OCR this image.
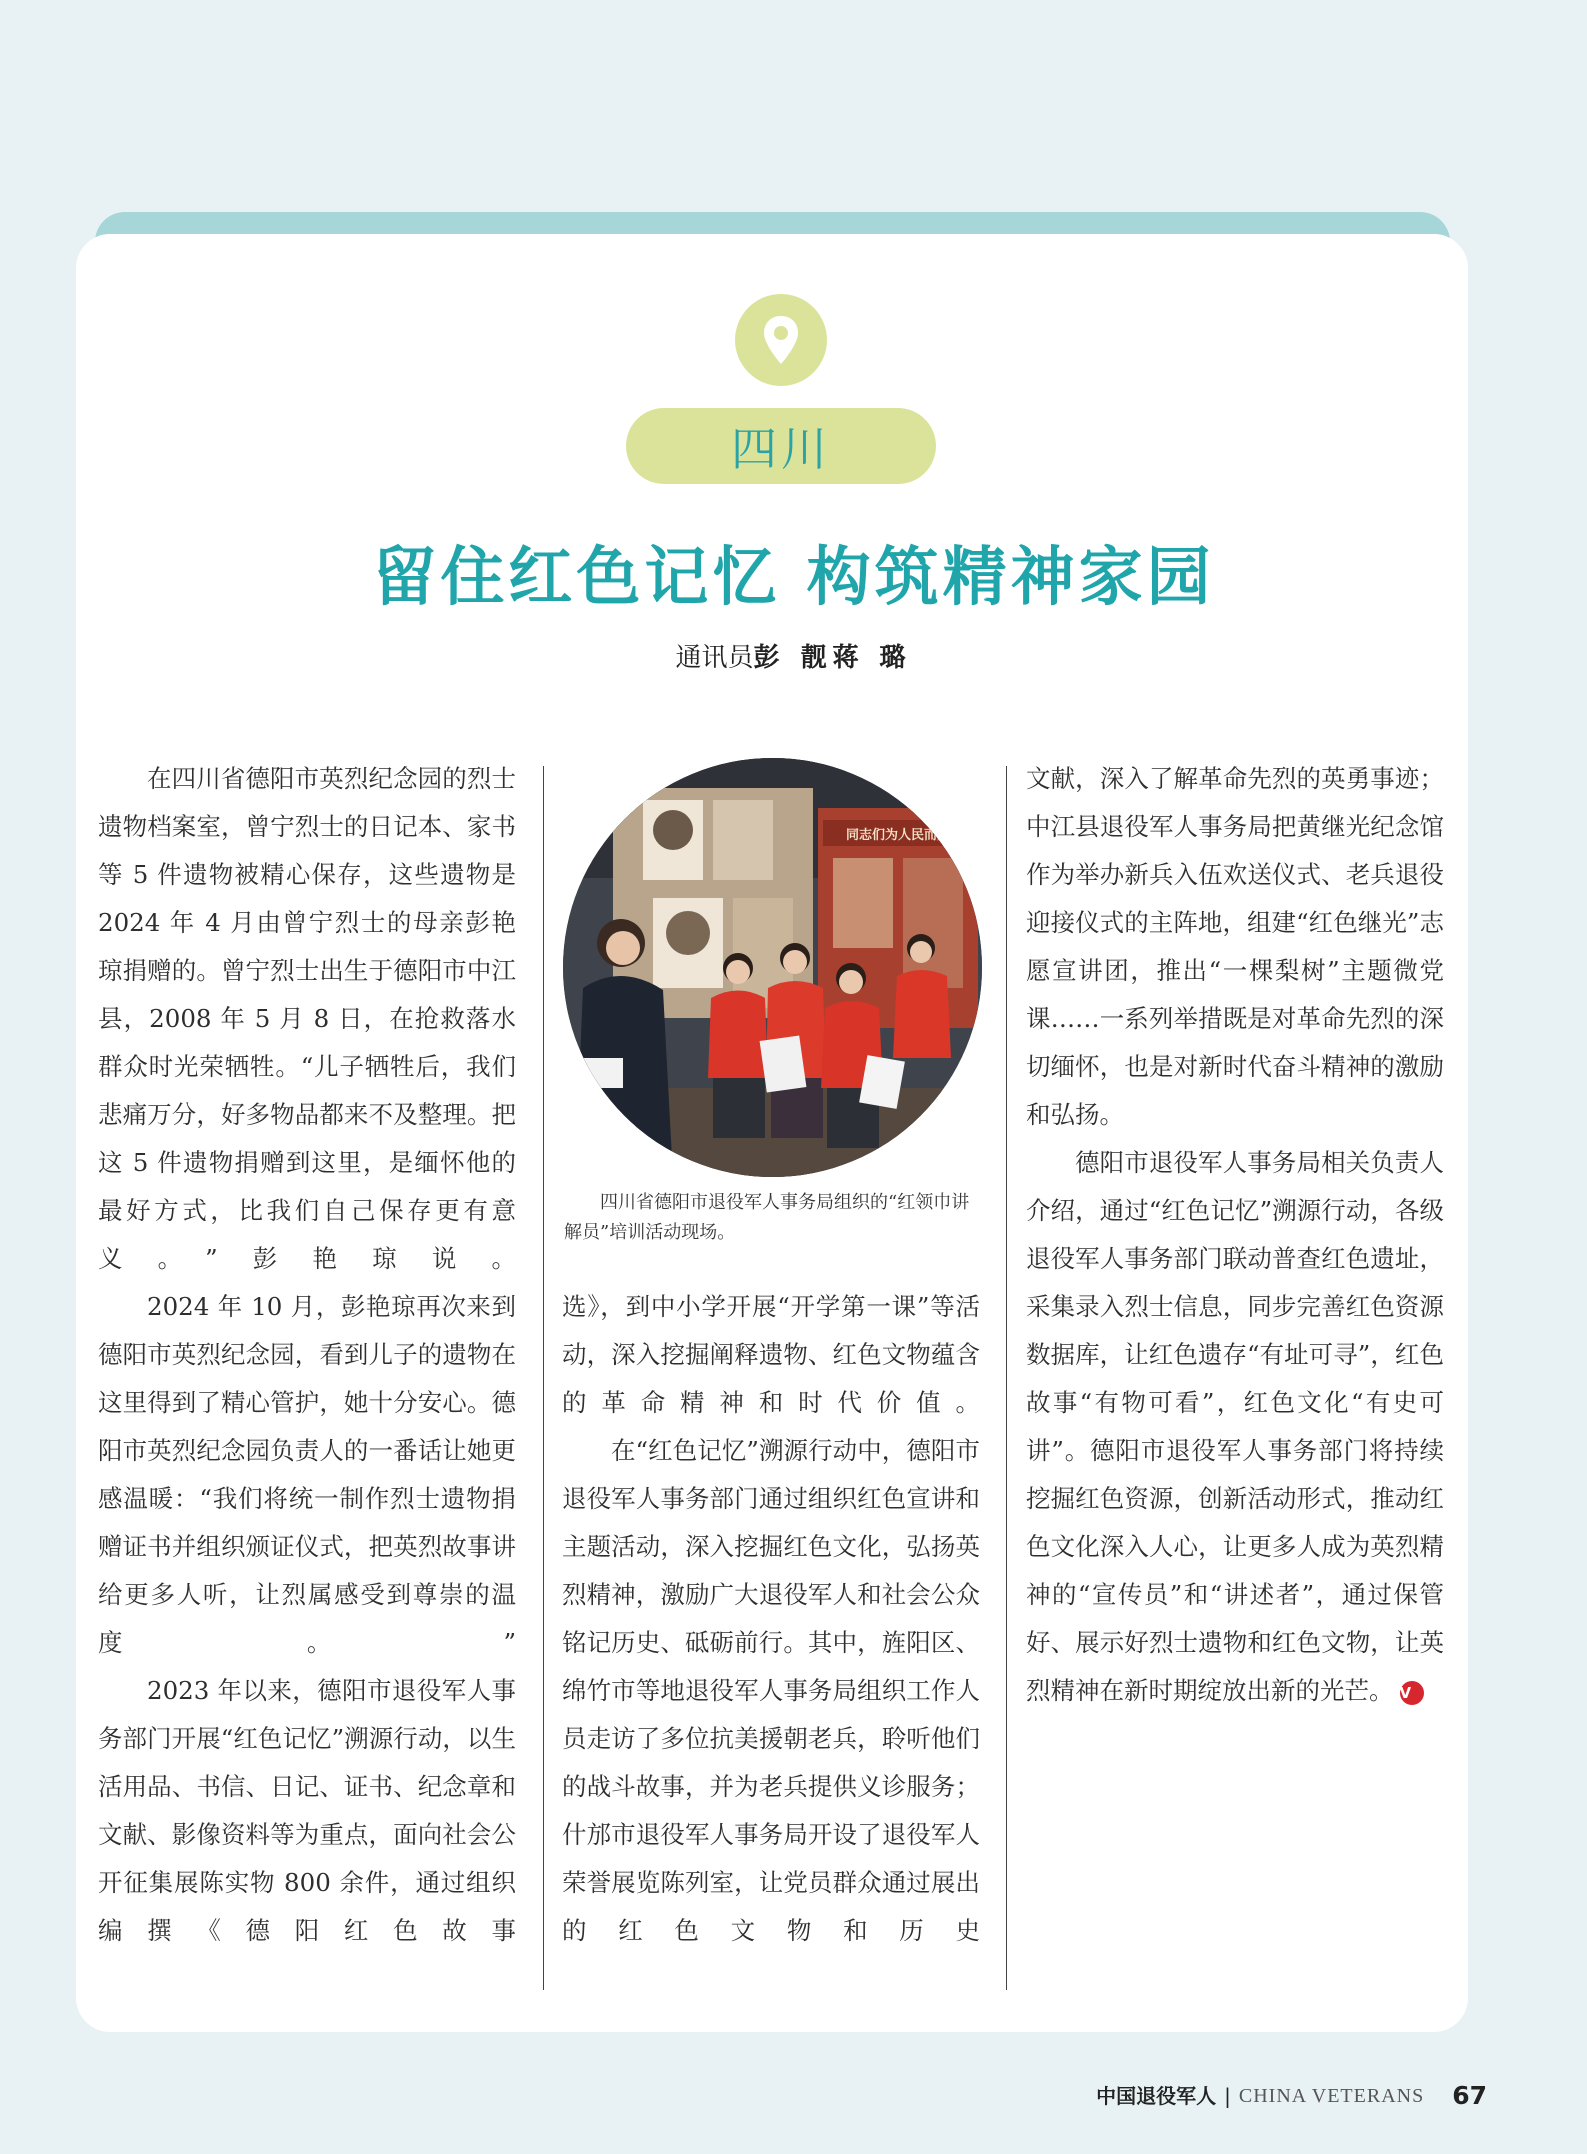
四川
留住红色记忆 构筑精神家园
通讯员彭 靓蒋 璐

在四川省德阳市英烈纪念园的烈士遗物档案室，曾宁烈士的日记本、家书等 5 件遗物被精心保存，这些遗物是 2024 年 4 月由曾宁烈士的母亲彭艳琼捐赠的。曾宁烈士出生于德阳市中江县，2008 年 5 月 8 日，在抢救落水群众时光荣牺牲。“儿子牺牲后，我们悲痛万分，好多物品都来不及整理。把这 5 件遗物捐赠到这里，是缅怀他的最好方式，比我们自己保存更有意义。”彭艳琼说。

2024 年 10 月，彭艳琼再次来到德阳市英烈纪念园，看到儿子的遗物在这里得到了精心管护，她十分安心。德阳市英烈纪念园负责人的一番话让她更感温暖：“我们将统一制作烈士遗物捐赠证书并组织颁证仪式，把英烈故事讲给更多人听，让烈属感受到尊崇的温度。”

2023 年以来，德阳市退役军人事务部门开展“红色记忆”溯源行动，以生活用品、书信、日记、证书、纪念章和文献、影像资料等为重点，面向社会公开征集展陈实物 800 余件，通过组织编撰《德阳红色故事

同志们为人民而死
四川省德阳市退役军人事务局组织的“红领巾讲解员”培训活动现场。

选》，到中小学开展“开学第一课”等活动，深入挖掘阐释遗物、红色文物蕴含的革命精神和时代价值。

在“红色记忆”溯源行动中，德阳市退役军人事务部门通过组织红色宣讲和主题活动，深入挖掘红色文化，弘扬英烈精神，激励广大退役军人和社会公众铭记历史、砥砺前行。其中，旌阳区、绵竹市等地退役军人事务局组织工作人员走访了多位抗美援朝老兵，聆听他们的战斗故事，并为老兵提供义诊服务；什邡市退役军人事务局开设了退役军人荣誉展览陈列室，让党员群众通过展出的红色文物和历史

文献，深入了解革命先烈的英勇事迹；中江县退役军人事务局把黄继光纪念馆作为举办新兵入伍欢送仪式、老兵退役迎接仪式的主阵地，组建“红色继光”志愿宣讲团，推出“一棵梨树”主题微党课……一系列举措既是对革命先烈的深切缅怀，也是对新时代奋斗精神的激励和弘扬。

德阳市退役军人事务局相关负责人介绍，通过“红色记忆”溯源行动，各级退役军人事务部门联动普查红色遗址，采集录入烈士信息，同步完善红色资源数据库，让红色遗存“有址可寻”，红色故事“有物可看”，红色文化“有史可讲”。德阳市退役军人事务部门将持续挖掘红色资源，创新活动形式，推动红色文化深入人心，让更多人成为英烈精神的“宣传员”和“讲述者”，通过保管好、展示好烈士遗物和红色文物，让英烈精神在新时期绽放出新的光芒。 V

中国退役军人 | CHINA VETERANS 67
